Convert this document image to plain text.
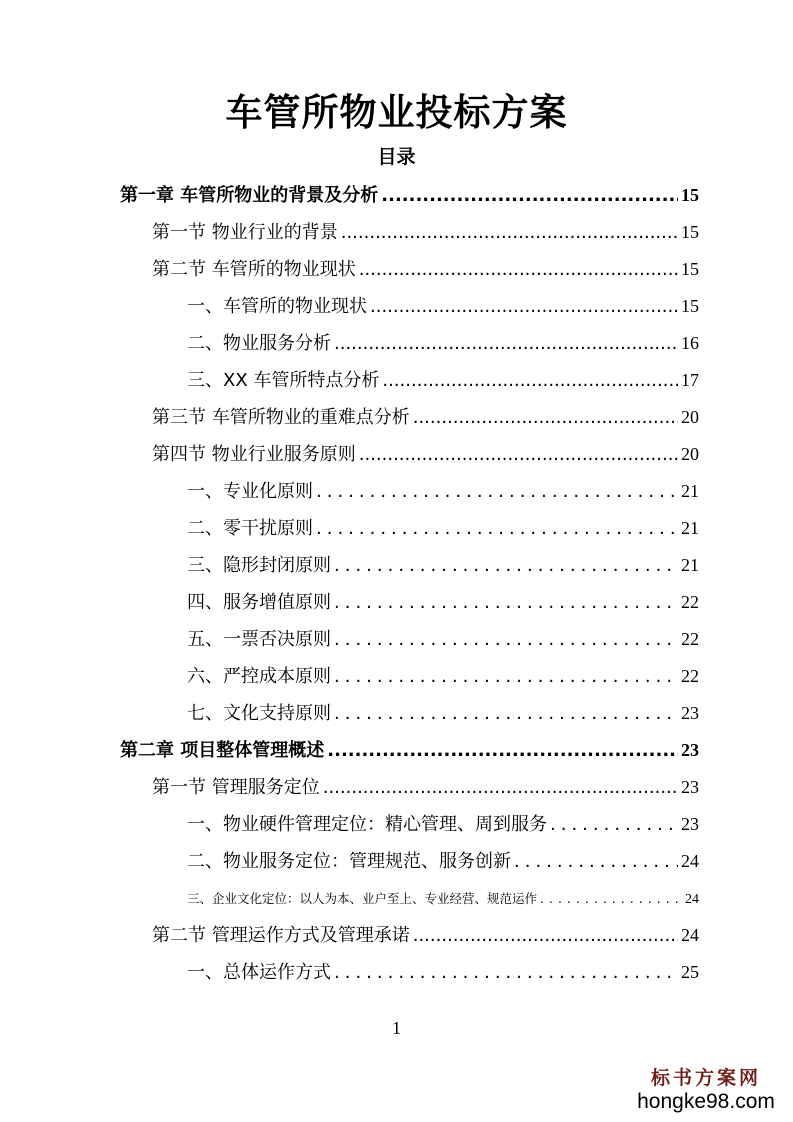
车管所物业投标方案
目录
第一章 车管所物业的背景及分析 .....	15
第一节 物业行业的背景 .....	15
第二节 车管所的物业现状 .....	15
一、车管所的物业现状 .....	15
二、物业服务分析 .....	16
三、XX 车管所特点分析 .....	17
第三节 车管所物业的重难点分析 .....	20
第四节 物业行业服务原则 .....	20
一、专业化原则 .....	21
二、零干扰原则 .....	21
三、隐形封闭原则 .....	21
四、服务增值原则 .....	22
五、一票否决原则 .....	22
六、严控成本原则 .....	22
七、文化支持原则 .....	23
第二章 项目整体管理概述 .....	23
第一节 管理服务定位 .....	23
一、物业硬件管理定位：精心管理、周到服务 .....	23
二、物业服务定位：管理规范、服务创新 .....	24
三、企业文化定位：以人为本、业户至上、专业经营、规范运作 .....	24
第二节 管理运作方式及管理承诺 .....	24
一、总体运作方式 .....	25
1
标书方案网
hongke98.com
